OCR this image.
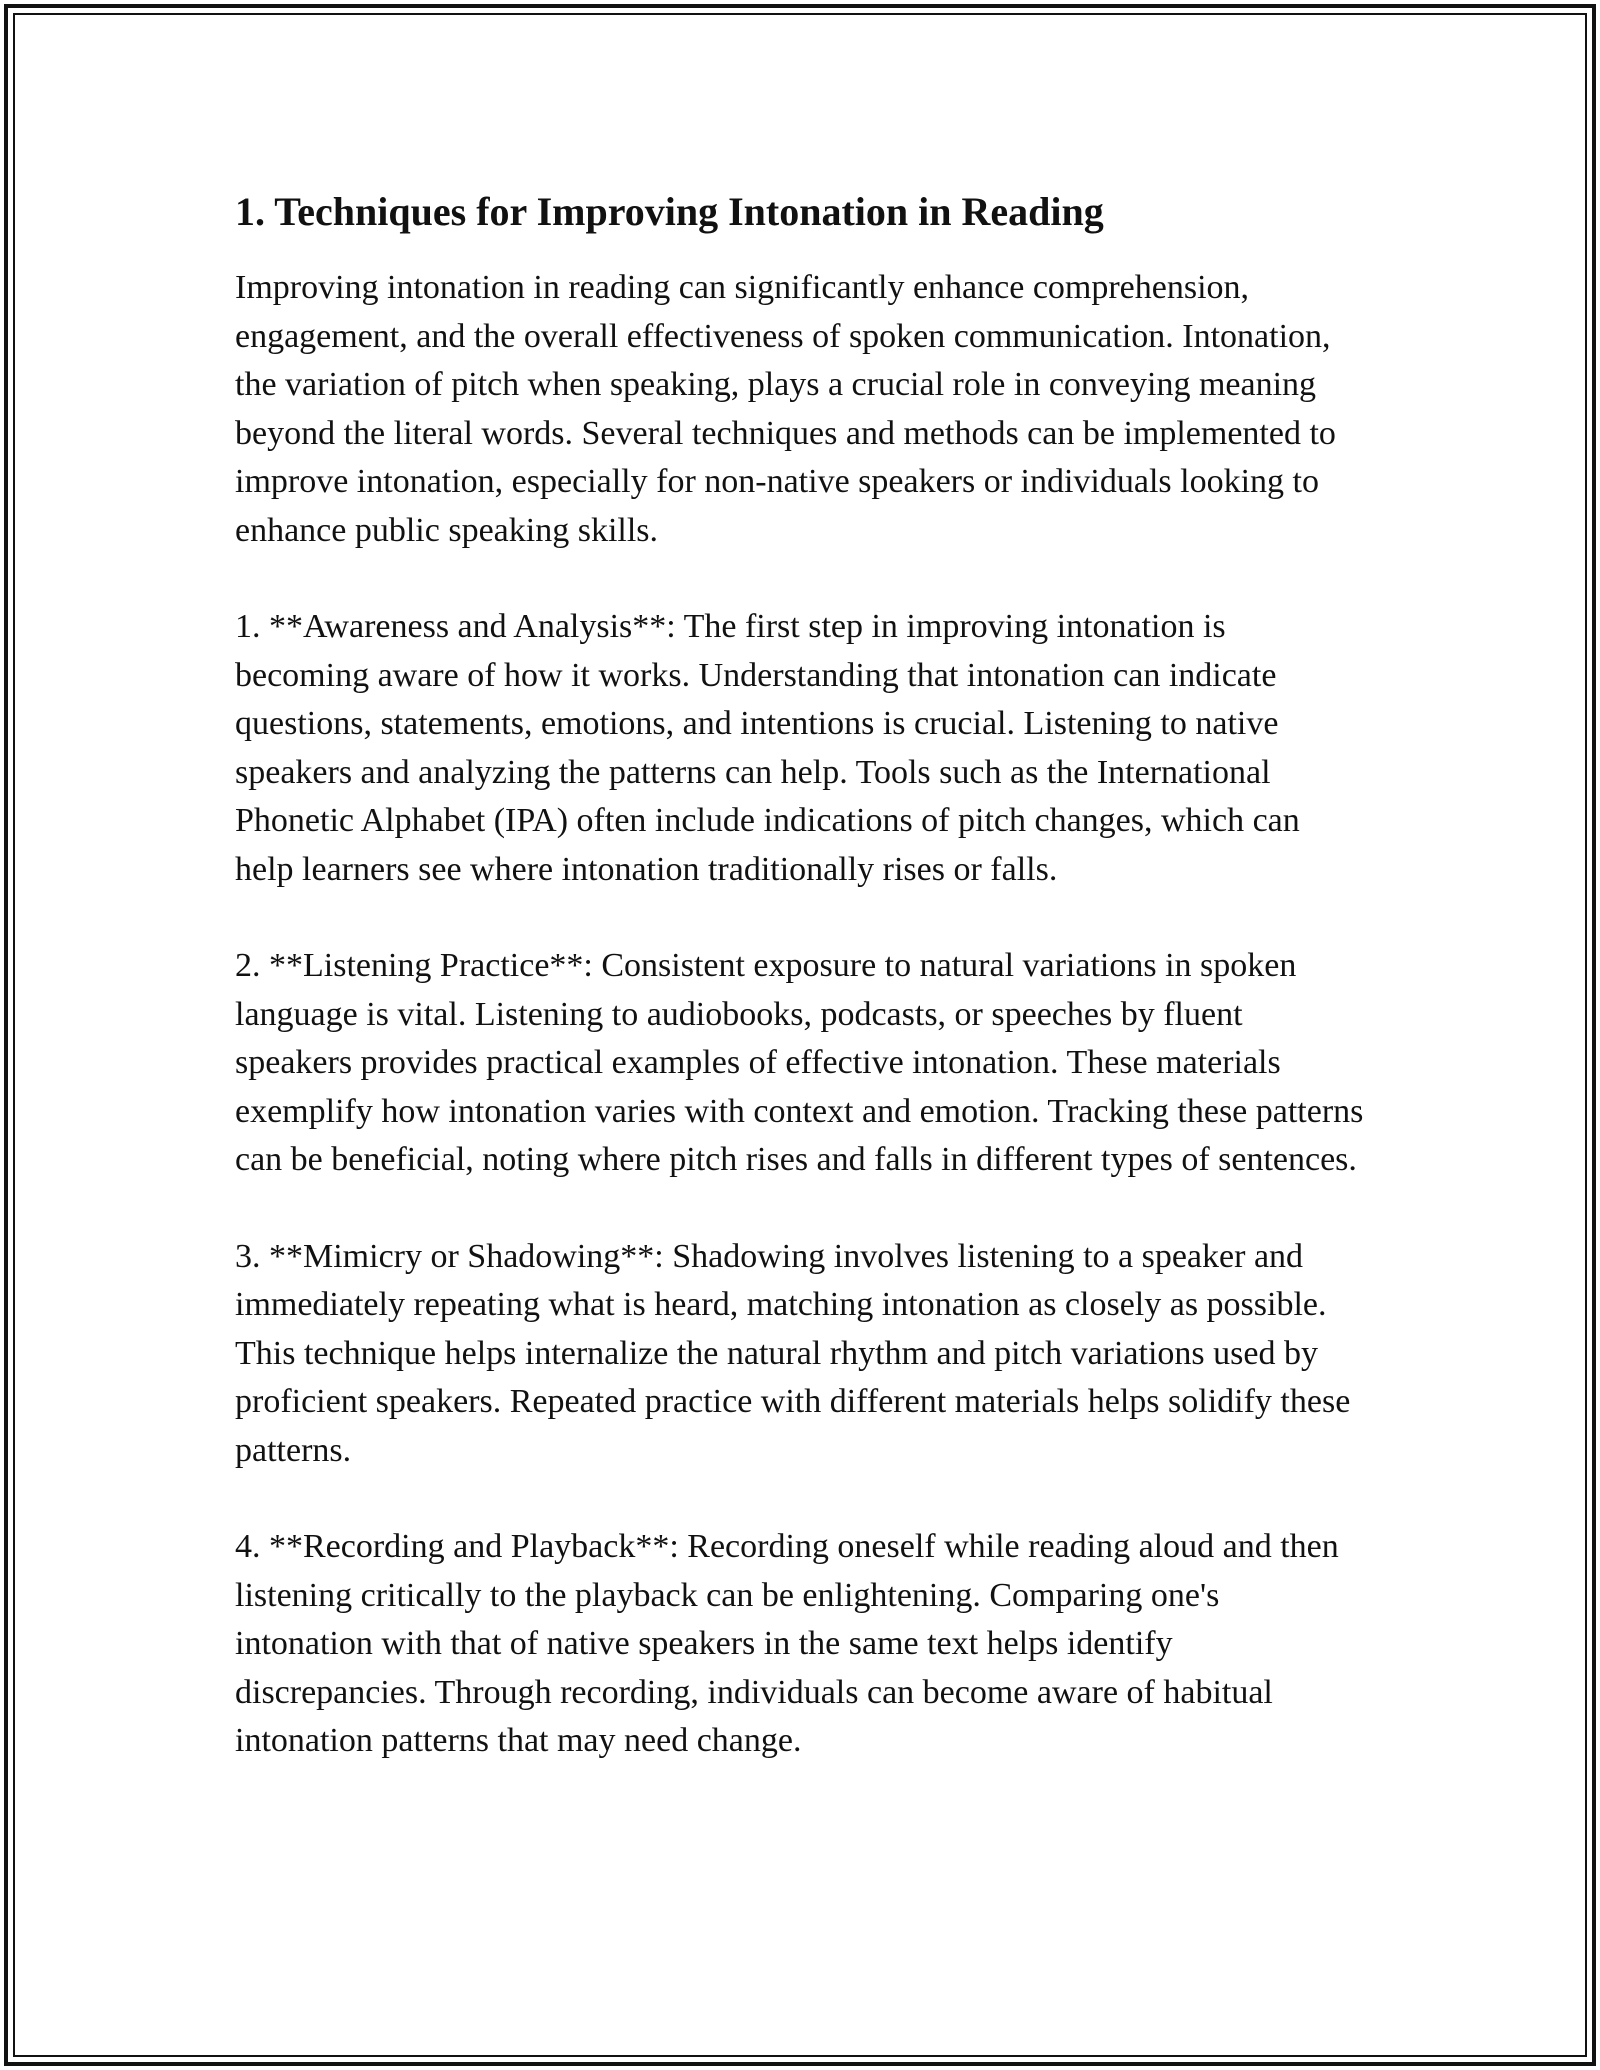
1. Techniques for Improving Intonation in Reading

Improving intonation in reading can significantly enhance comprehension, engagement, and the overall effectiveness of spoken communication. Intonation, the variation of pitch when speaking, plays a crucial role in conveying meaning beyond the literal words. Several techniques and methods can be implemented to improve intonation, especially for non-native speakers or individuals looking to enhance public speaking skills.

1. **Awareness and Analysis**: The first step in improving intonation is becoming aware of how it works. Understanding that intonation can indicate questions, statements, emotions, and intentions is crucial. Listening to native speakers and analyzing the patterns can help. Tools such as the International Phonetic Alphabet (IPA) often include indications of pitch changes, which can help learners see where intonation traditionally rises or falls.

2. **Listening Practice**: Consistent exposure to natural variations in spoken language is vital. Listening to audiobooks, podcasts, or speeches by fluent speakers provides practical examples of effective intonation. These materials exemplify how intonation varies with context and emotion. Tracking these patterns can be beneficial, noting where pitch rises and falls in different types of sentences.

3. **Mimicry or Shadowing**: Shadowing involves listening to a speaker and immediately repeating what is heard, matching intonation as closely as possible. This technique helps internalize the natural rhythm and pitch variations used by proficient speakers. Repeated practice with different materials helps solidify these patterns.

4. **Recording and Playback**: Recording oneself while reading aloud and then listening critically to the playback can be enlightening. Comparing one's intonation with that of native speakers in the same text helps identify discrepancies. Through recording, individuals can become aware of habitual intonation patterns that may need change.
